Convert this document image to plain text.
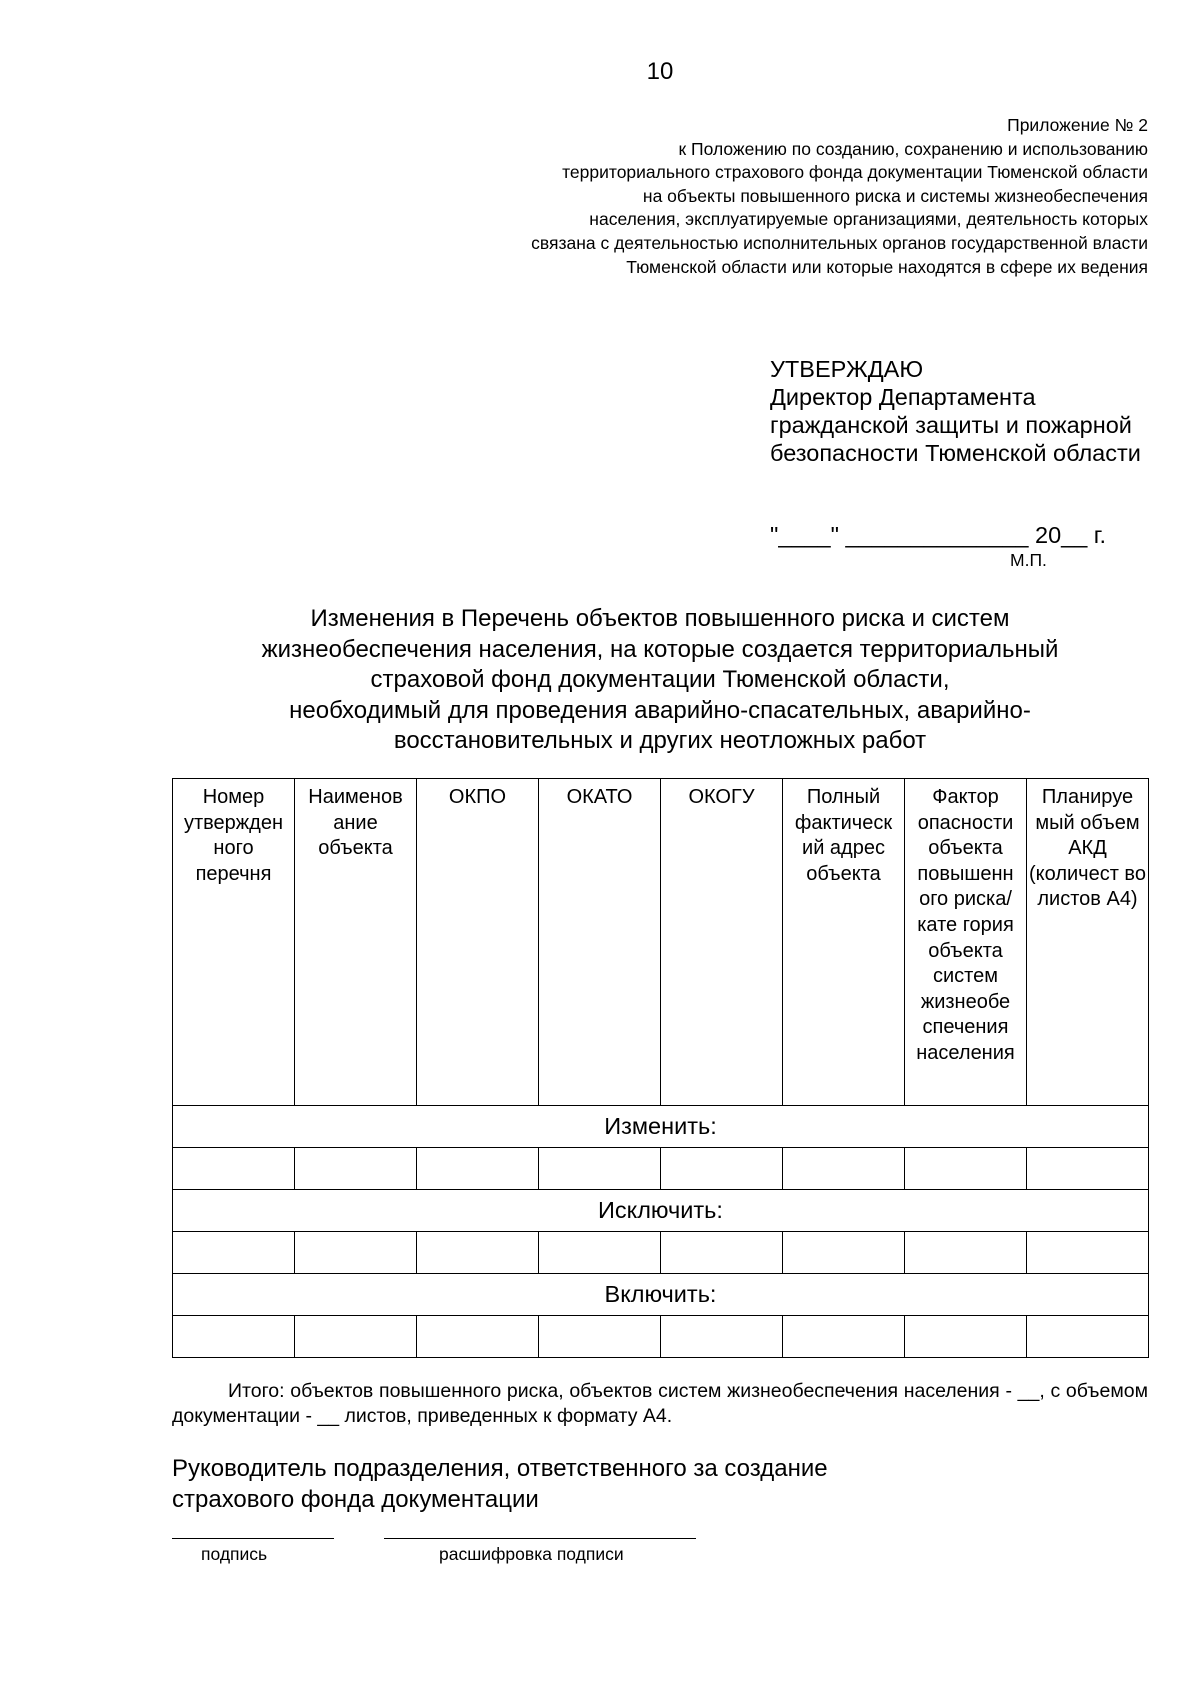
10
Приложение № 2
к Положению по созданию, сохранению и использованию
территориального страхового фонда документации Тюменской области
на объекты повышенного риска и системы жизнеобеспечения
населения, эксплуатируемые организациями, деятельность которых
связана с деятельностью исполнительных органов государственной власти
Тюменской области или которые находятся в сфере их ведения
УТВЕРЖДАЮ
Директор Департамента гражданской защиты и пожарной безопасности Тюменской области
"____" ______________ 20__ г.
М.П.
Изменения в Перечень объектов повышенного риска и систем
жизнеобеспечения населения, на которые создается территориальный
страховой фонд документации Тюменской области,
необходимый для проведения аварийно-спасательных, аварийно-
восстановительных и других неотложных работ
Номер утвержден ного перечня	Наименов ание объекта	ОКПО	ОКАТО	ОКОГУ	Полный фактическ ий адрес объекта	Фактор опасности объекта повышенн ого риска/кате гория объекта систем жизнеобе спечения населения	Планируе мый объем АКД (количест во листов А4)
Изменить:							

Исключить:							

Включить:							

Итого: объектов повышенного риска, объектов систем жизнеобеспечения населения - __, с объемом документации - __ листов, приведенных к формату А4.

Руководитель подразделения, ответственного за создание
страхового фонда документации
подпись	расшифровка подписи
